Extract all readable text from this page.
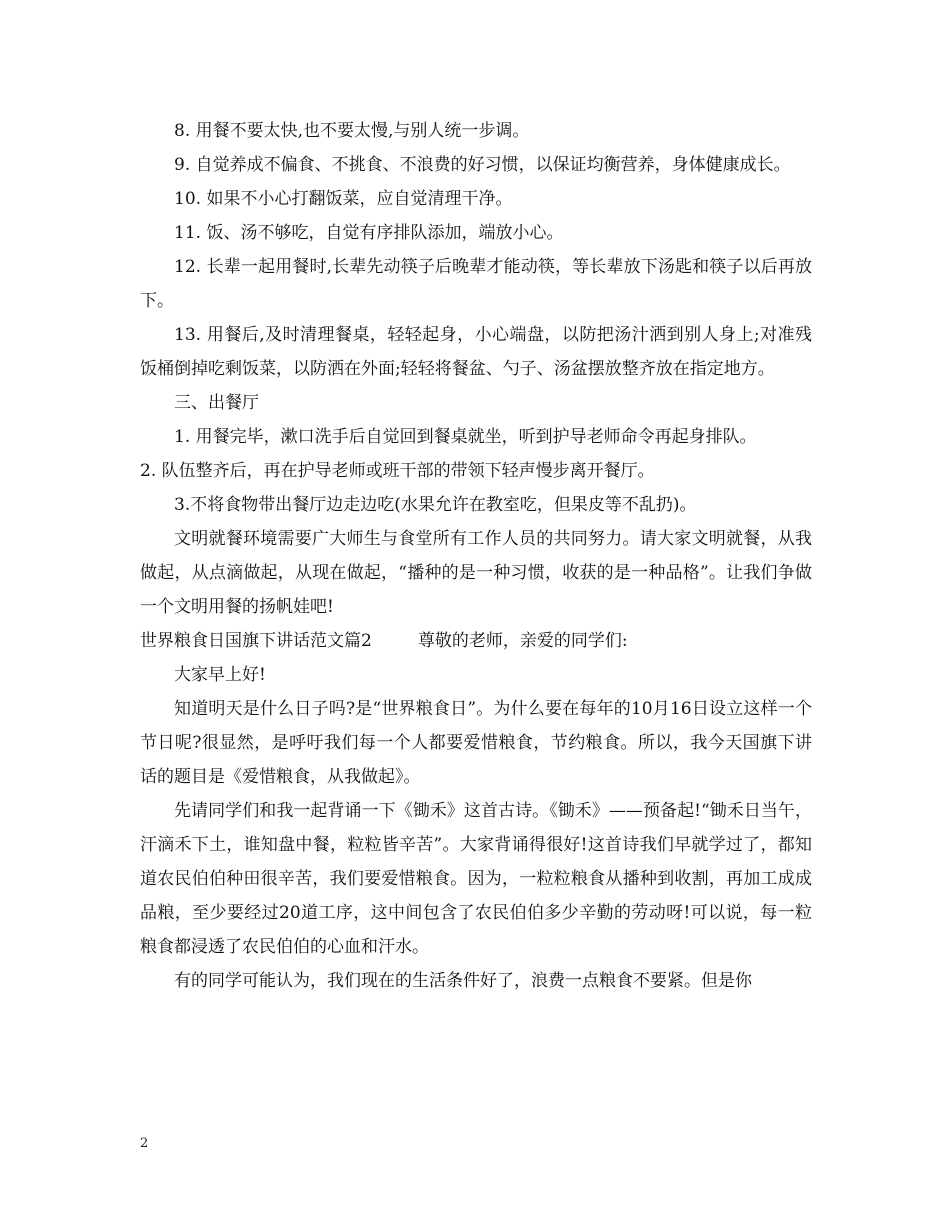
8. 用餐不要太快,也不要太慢,与别人统一步调。

9. 自觉养成不偏食、不挑食、不浪费的好习惯，以保证均衡营养，身体健康成长。

10. 如果不小心打翻饭菜，应自觉清理干净。

11. 饭、汤不够吃，自觉有序排队添加，端放小心。

12. 长辈一起用餐时,长辈先动筷子后晚辈才能动筷，等长辈放下汤匙和筷子以后再放下。

13. 用餐后,及时清理餐桌，轻轻起身，小心端盘，以防把汤汁洒到别人身上;对准残饭桶倒掉吃剩饭菜，以防洒在外面;轻轻将餐盆、勺子、汤盆摆放整齐放在指定地方。

三、出餐厅

1. 用餐完毕，漱口洗手后自觉回到餐桌就坐，听到护导老师命令再起身排队。

2. 队伍整齐后，再在护导老师或班干部的带领下轻声慢步离开餐厅。

3.不将食物带出餐厅边走边吃(水果允许在教室吃，但果皮等不乱扔)。

文明就餐环境需要广大师生与食堂所有工作人员的共同努力。请大家文明就餐，从我做起，从点滴做起，从现在做起，“播种的是一种习惯，收获的是一种品格”。让我们争做一个文明用餐的扬帆娃吧!

世界粮食日国旗下讲话范文篇2	尊敬的老师，亲爱的同学们:

大家早上好!

知道明天是什么日子吗?是“世界粮食日”。为什么要在每年的10月16日设立这样一个节日呢?很显然，是呼吁我们每一个人都要爱惜粮食，节约粮食。所以，我今天国旗下讲话的题目是《爱惜粮食，从我做起》。

先请同学们和我一起背诵一下《锄禾》这首古诗。《锄禾》——预备起!“锄禾日当午，汗滴禾下土，谁知盘中餐，粒粒皆辛苦”。大家背诵得很好!这首诗我们早就学过了，都知道农民伯伯种田很辛苦，我们要爱惜粮食。因为，一粒粒粮食从播种到收割，再加工成成品粮，至少要经过20道工序，这中间包含了农民伯伯多少辛勤的劳动呀!可以说，每一粒粮食都浸透了农民伯伯的心血和汗水。

有的同学可能认为，我们现在的生活条件好了，浪费一点粮食不要紧。但是你

2
